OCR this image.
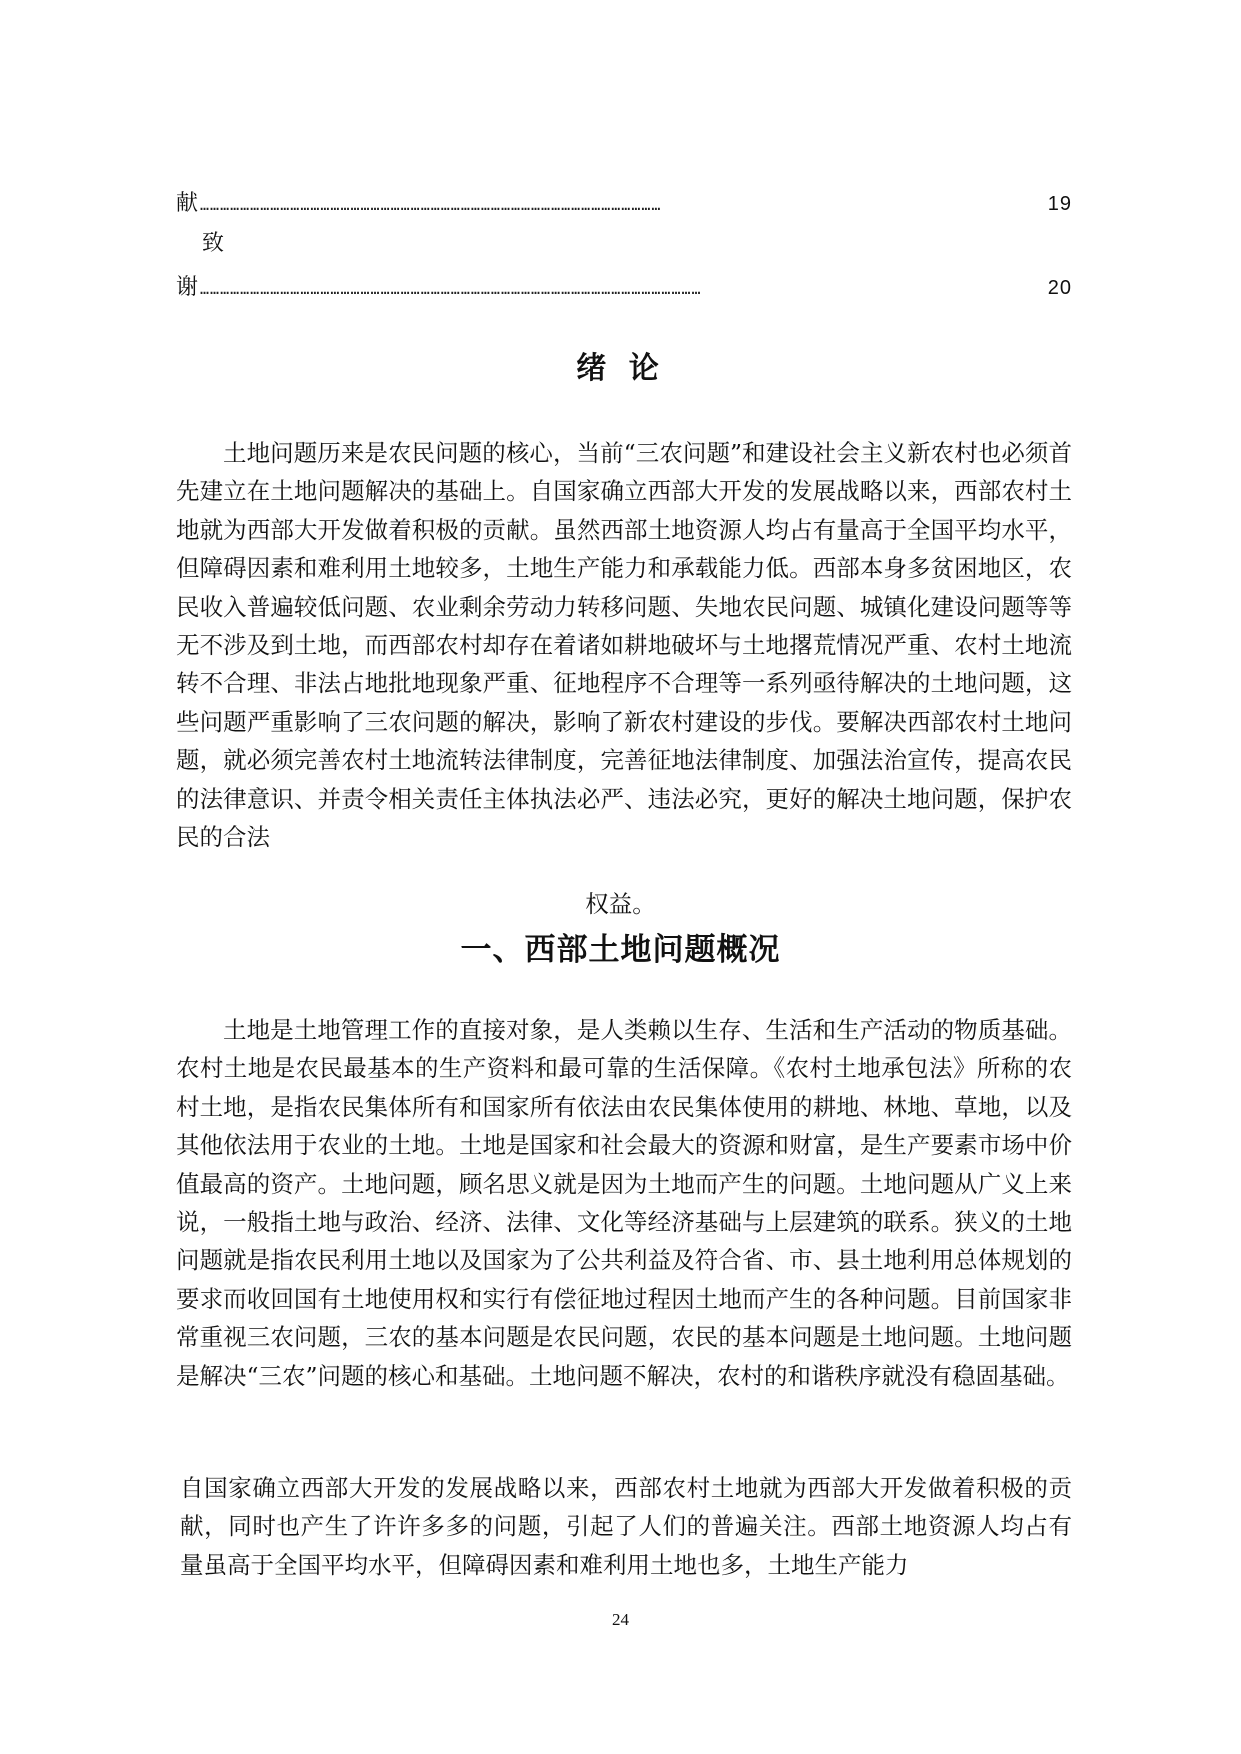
献 …………………………………………………………………………………………………………………………	19
致
谢 ……………………………………………………………………………………………………………………………………	20
绪 论

土地问题历来是农民问题的核心，当前“三农问题”和建设社会主义新农村也必须首先建立在土地问题解决的基础上。自国家确立西部大开发的发展战略以来，西部农村土地就为西部大开发做着积极的贡献。虽然西部土地资源人均占有量高于全国平均水平，但障碍因素和难利用土地较多，土地生产能力和承载能力低。西部本身多贫困地区，农民收入普遍较低问题、农业剩余劳动力转移问题、失地农民问题、城镇化建设问题等等无不涉及到土地，而西部农村却存在着诸如耕地破坏与土地撂荒情况严重、农村土地流转不合理、非法占地批地现象严重、征地程序不合理等一系列亟待解决的土地问题，这些问题严重影响了三农问题的解决，影响了新农村建设的步伐。要解决西部农村土地问题，就必须完善农村土地流转法律制度，完善征地法律制度、加强法治宣传，提高农民的法律意识、并责令相关责任主体执法必严、违法必究，更好的解决土地问题，保护农民的合法

权益。
一、西部土地问题概况

土地是土地管理工作的直接对象，是人类赖以生存、生活和生产活动的物质基础。农村土地是农民最基本的生产资料和最可靠的生活保障。《农村土地承包法》所称的农村土地，是指农民集体所有和国家所有依法由农民集体使用的耕地、林地、草地，以及其他依法用于农业的土地。土地是国家和社会最大的资源和财富，是生产要素市场中价值最高的资产。土地问题，顾名思义就是因为土地而产生的问题。土地问题从广义上来说，一般指土地与政治、经济、法律、文化等经济基础与上层建筑的联系。狭义的土地问题就是指农民利用土地以及国家为了公共利益及符合省、市、县土地利用总体规划的要求而收回国有土地使用权和实行有偿征地过程因土地而产生的各种问题。目前国家非常重视三农问题，三农的基本问题是农民问题，农民的基本问题是土地问题。土地问题是解决“三农”问题的核心和基础。土地问题不解决，农村的和谐秩序就没有稳固基础。

自国家确立西部大开发的发展战略以来，西部农村土地就为西部大开发做着积极的贡献，同时也产生了许许多多的问题，引起了人们的普遍关注。西部土地资源人均占有量虽高于全国平均水平，但障碍因素和难利用土地也多，土地生产能力

24
